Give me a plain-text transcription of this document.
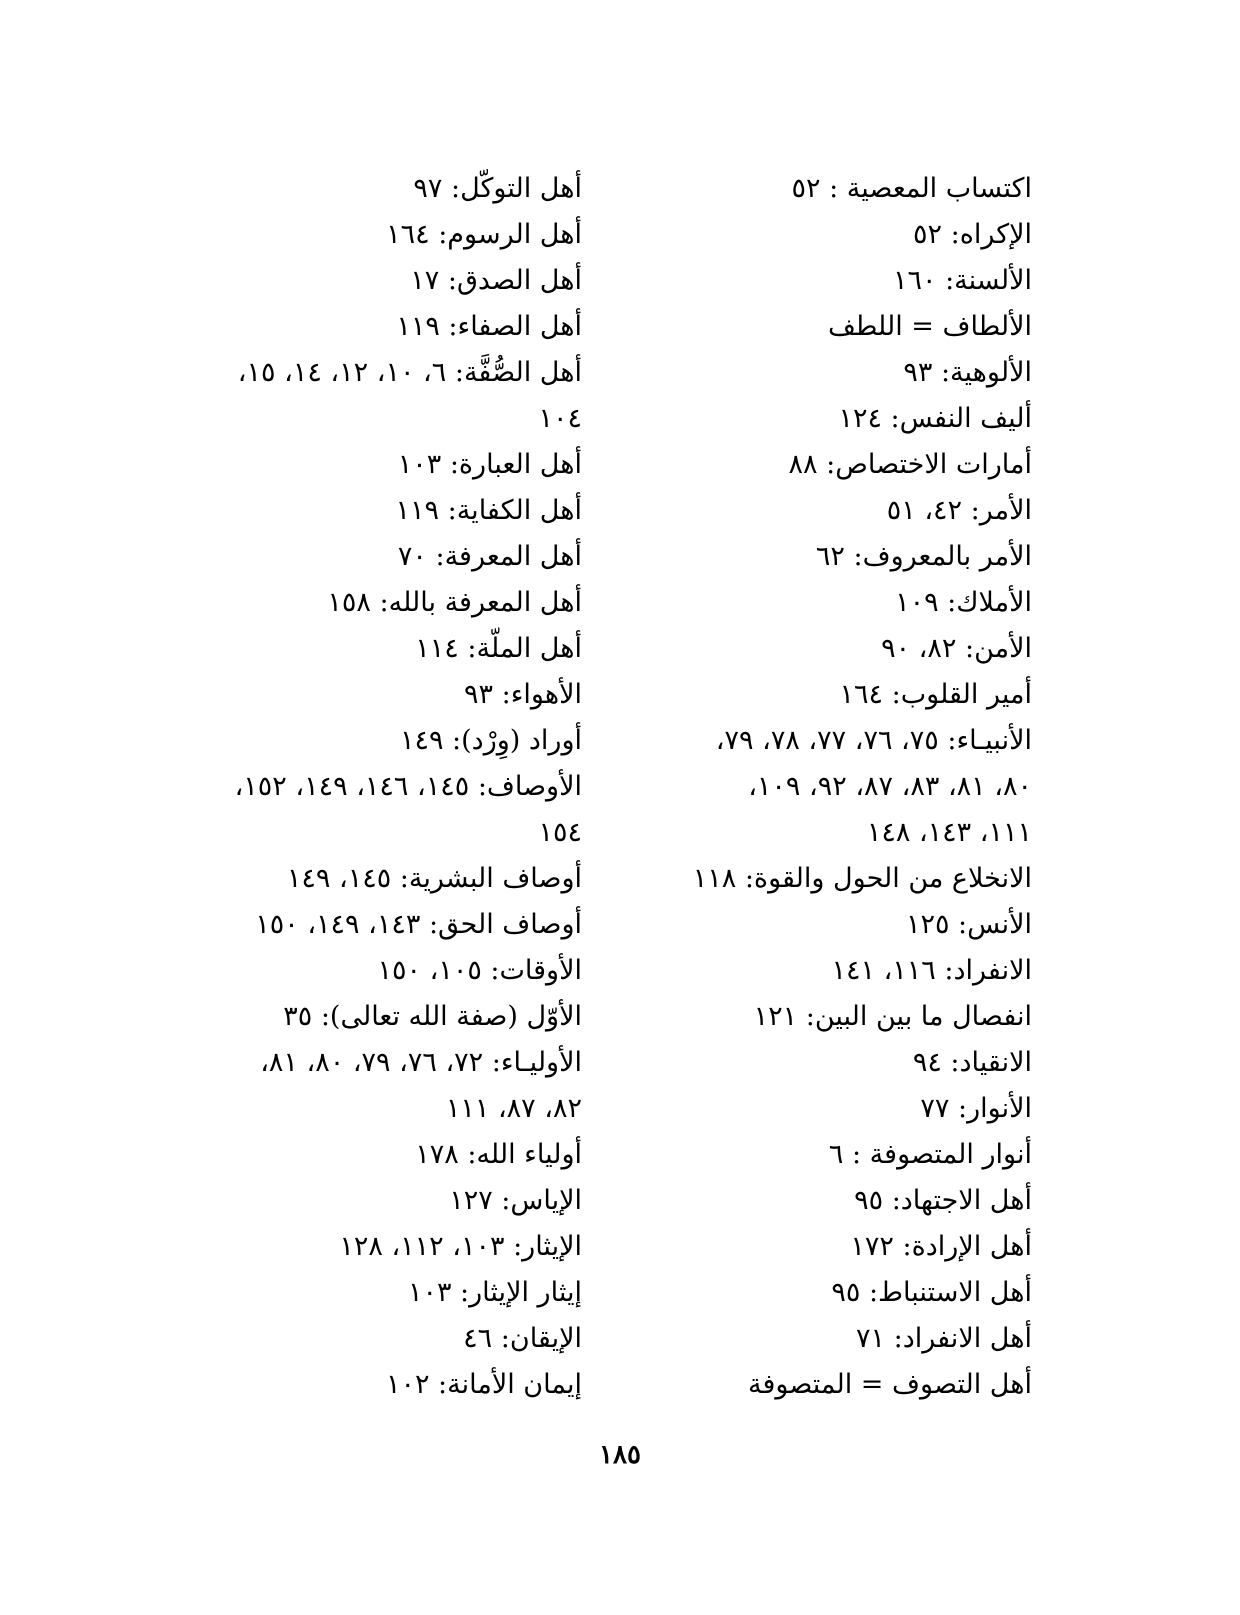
اكتساب المعصية : ٥٢
الإكراه: ٥٢
الألسنة: ١٦٠
الألطاف = اللطف
الألوهية: ٩٣
أليف النفس: ١٢٤
أمارات الاختصاص: ٨٨
الأمر: ٤٢، ٥١
الأمر بالمعروف: ٦٢
الأملاك: ١٠٩
الأمن: ٨٢، ٩٠
أمير القلوب: ١٦٤
الأنبيـاء: ٧٥، ٧٦، ٧٧، ٧٨، ٧٩،
٨٠، ٨١، ٨٣، ٨٧، ٩٢، ١٠٩،
١١١، ١٤٣، ١٤٨
الانخلاع من الحول والقوة: ١١٨
الأنس: ١٢٥
الانفراد: ١١٦، ١٤١
انفصال ما بين البين: ١٢١
الانقياد: ٩٤
الأنوار: ٧٧
أنوار المتصوفة : ٦
أهل الاجتهاد: ٩٥
أهل الإرادة: ١٧٢
أهل الاستنباط: ٩٥
أهل الانفراد: ٧١
أهل التصوف = المتصوفة
أهل التوكّل: ٩٧
أهل الرسوم: ١٦٤
أهل الصدق: ١٧
أهل الصفاء: ١١٩
أهل الصُّفَّة: ٦، ١٠، ١٢، ١٤، ١٥،
١٠٤
أهل العبارة: ١٠٣
أهل الكفاية: ١١٩
أهل المعرفة: ٧٠
أهل المعرفة بالله: ١٥٨
أهل الملّة: ١١٤
الأهواء: ٩٣
أوراد (وِرْد): ١٤٩
الأوصاف: ١٤٥، ١٤٦، ١٤٩، ١٥٢،
١٥٤
أوصاف البشرية: ١٤٥، ١٤٩
أوصاف الحق: ١٤٣، ١٤٩، ١٥٠
الأوقات: ١٠٥، ١٥٠
الأوّل (صفة الله تعالى): ٣٥
الأوليـاء: ٧٢، ٧٦، ٧٩، ٨٠، ٨١،
٨٢، ٨٧، ١١١
أولياء الله: ١٧٨
الإياس: ١٢٧
الإيثار: ١٠٣، ١١٢، ١٢٨
إيثار الإيثار: ١٠٣
الإيقان: ٤٦
إيمان الأمانة: ١٠٢
١٨٥
